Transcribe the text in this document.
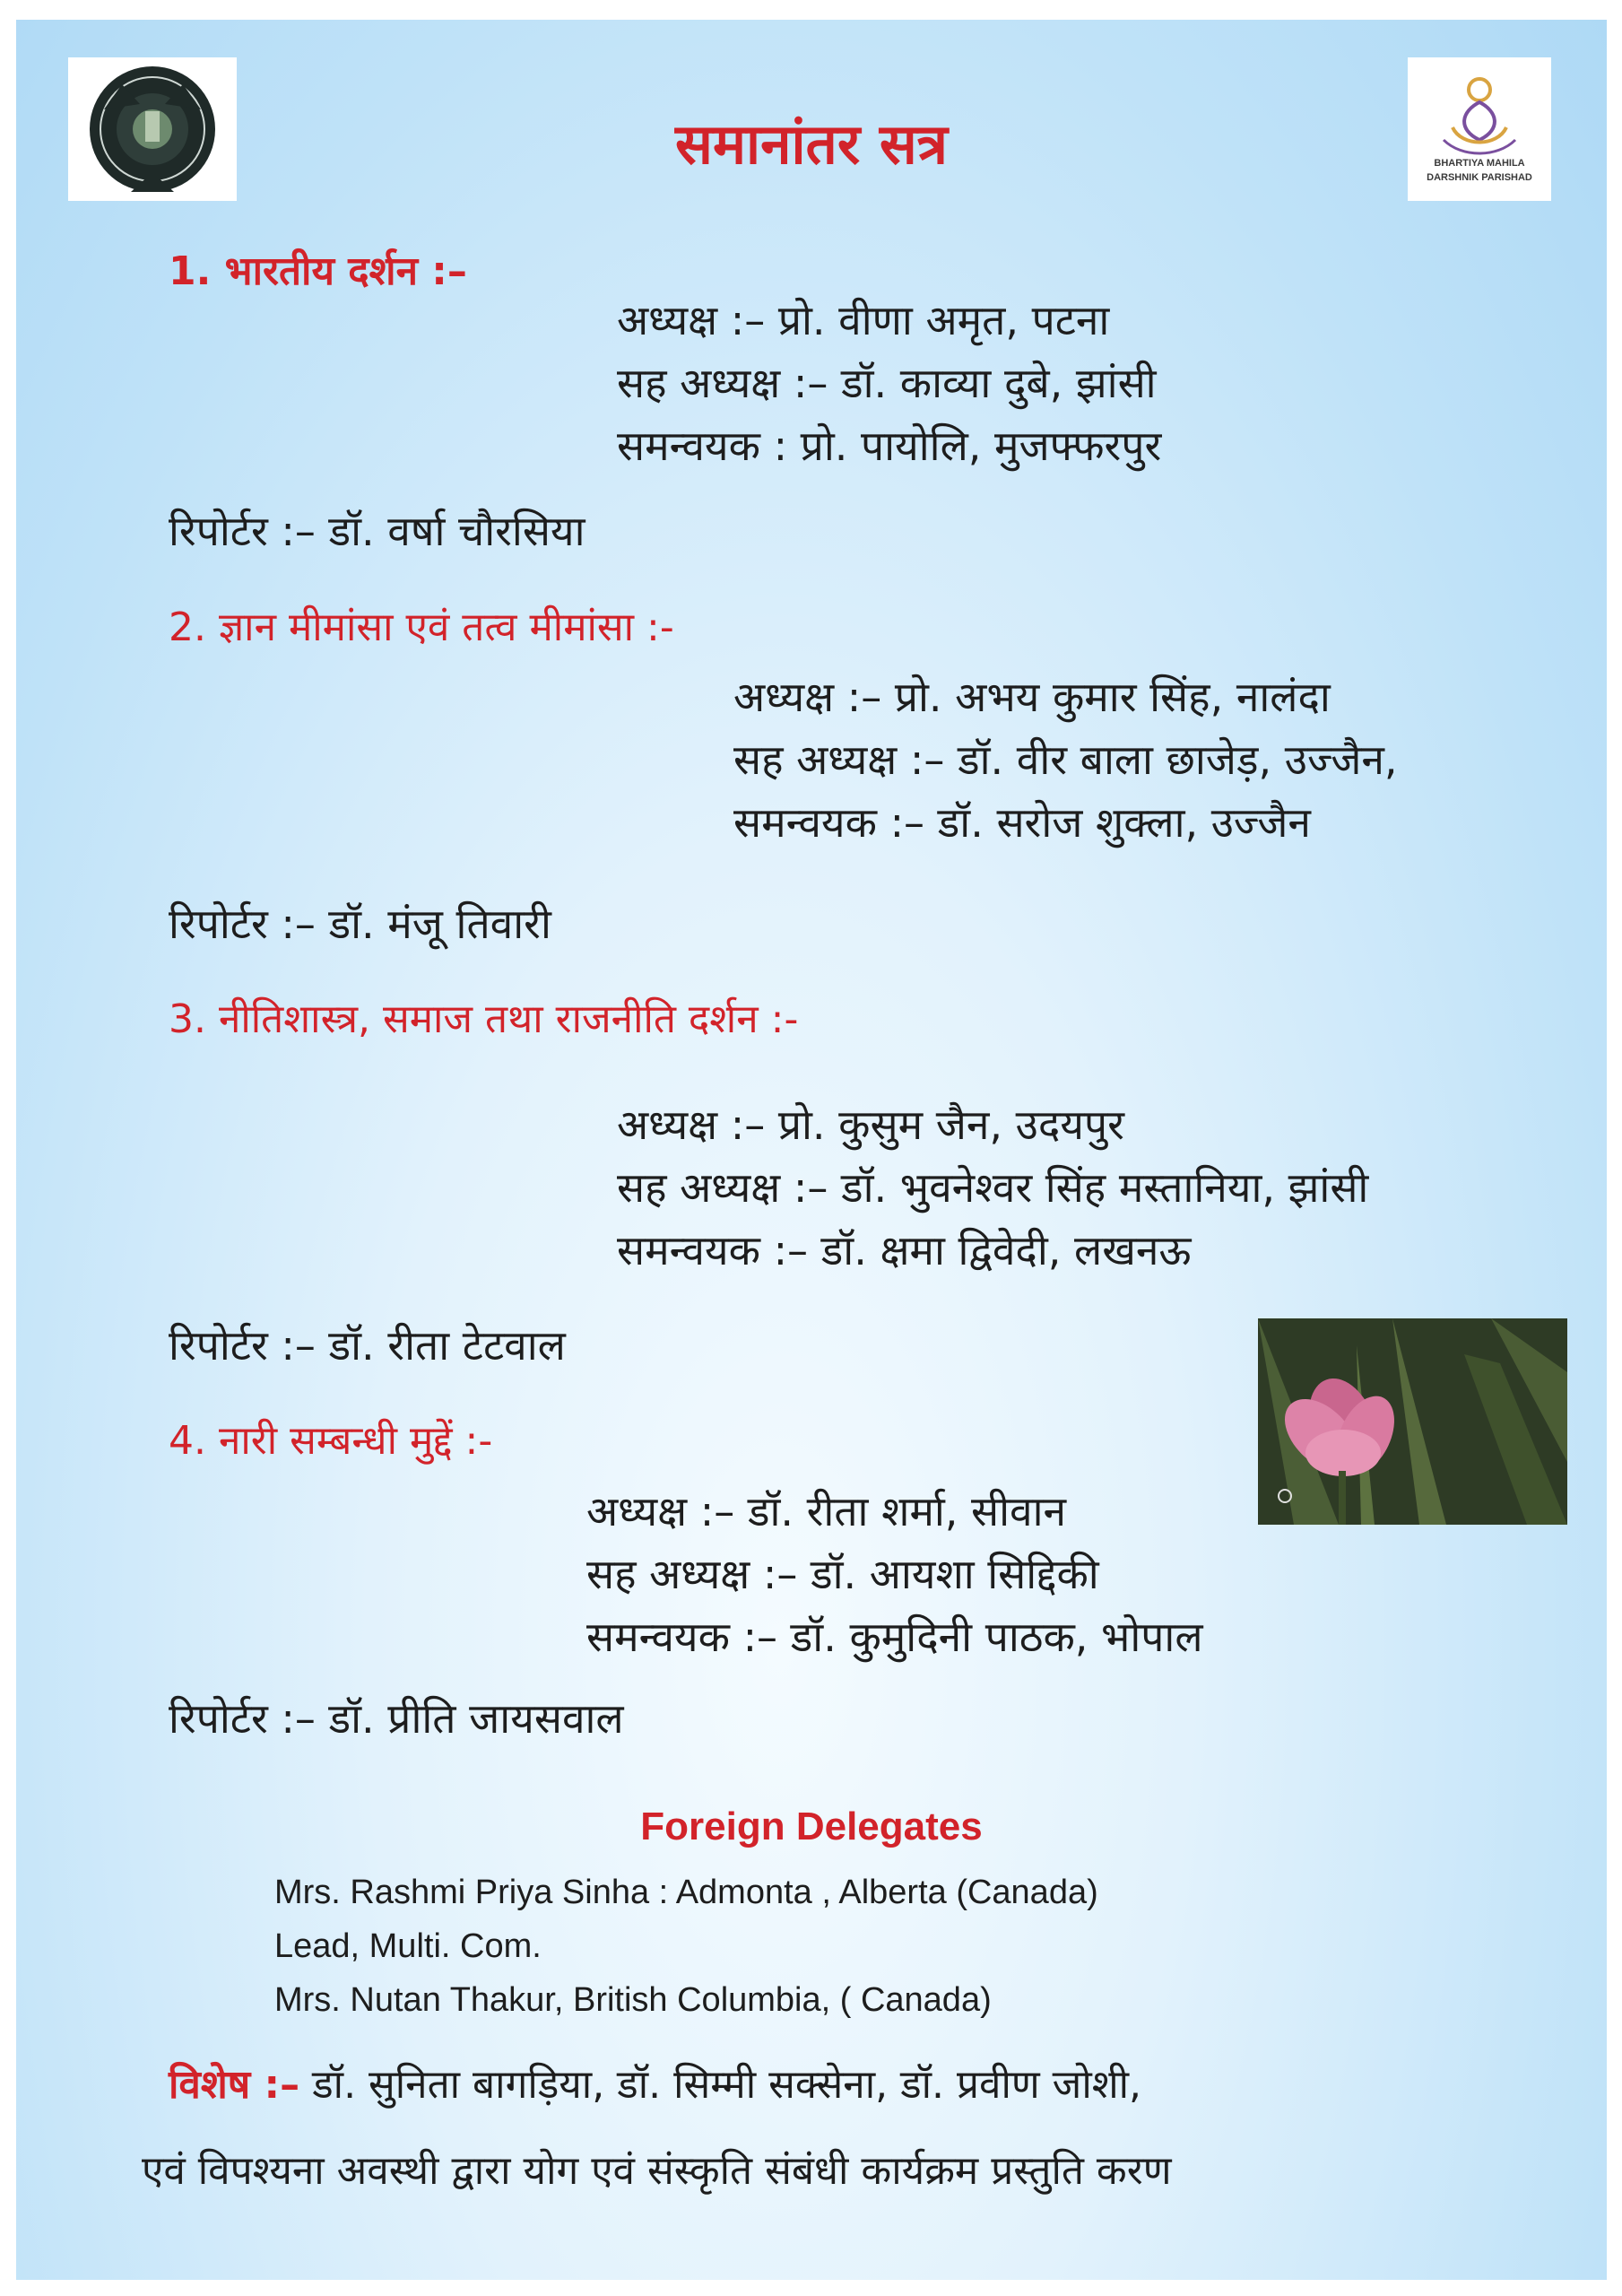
BHARTIYA MAHILA
DARSHNIK PARISHAD
समानांतर सत्र
1. भारतीय दर्शन :–
अध्यक्ष :– प्रो. वीणा अमृत, पटना
सह अध्यक्ष :– डॉ. काव्या दुबे, झांसी
समन्वयक : प्रो. पायोलि, मुजफ्फरपुर
रिपोर्टर :– डॉ. वर्षा चौरसिया
2. ज्ञान मीमांसा एवं तत्व मीमांसा :-
अध्यक्ष :– प्रो. अभय कुमार सिंह, नालंदा
सह अध्यक्ष :– डॉ. वीर बाला छाजेड़, उज्जैन,
समन्वयक :– डॉ. सरोज शुक्ला, उज्जैन
रिपोर्टर :– डॉ. मंजू तिवारी
3. नीतिशास्त्र, समाज तथा राजनीति दर्शन :-
अध्यक्ष :– प्रो. कुसुम जैन, उदयपुर
सह अध्यक्ष :– डॉ. भुवनेश्वर सिंह मस्तानिया, झांसी
समन्वयक :– डॉ. क्षमा द्विवेदी, लखनऊ
रिपोर्टर :– डॉ. रीता टेटवाल
4. नारी सम्बन्धी मुद्दें :-
अध्यक्ष :– डॉ. रीता शर्मा, सीवान
सह अध्यक्ष :– डॉ. आयशा सिद्दिकी
समन्वयक :– डॉ. कुमुदिनी पाठक, भोपाल
रिपोर्टर :– डॉ. प्रीति जायसवाल
Foreign Delegates
Mrs. Rashmi Priya Sinha : Admonta , Alberta (Canada)
Lead, Multi. Com.
Mrs. Nutan Thakur, British Columbia, ( Canada)
विशेष :– डॉ. सुनिता बागड़िया, डॉ. सिम्मी सक्सेना, डॉ. प्रवीण जोशी,
एवं विपश्यना अवस्थी द्वारा योग एवं संस्कृति संबंधी कार्यक्रम प्रस्तुति करण
